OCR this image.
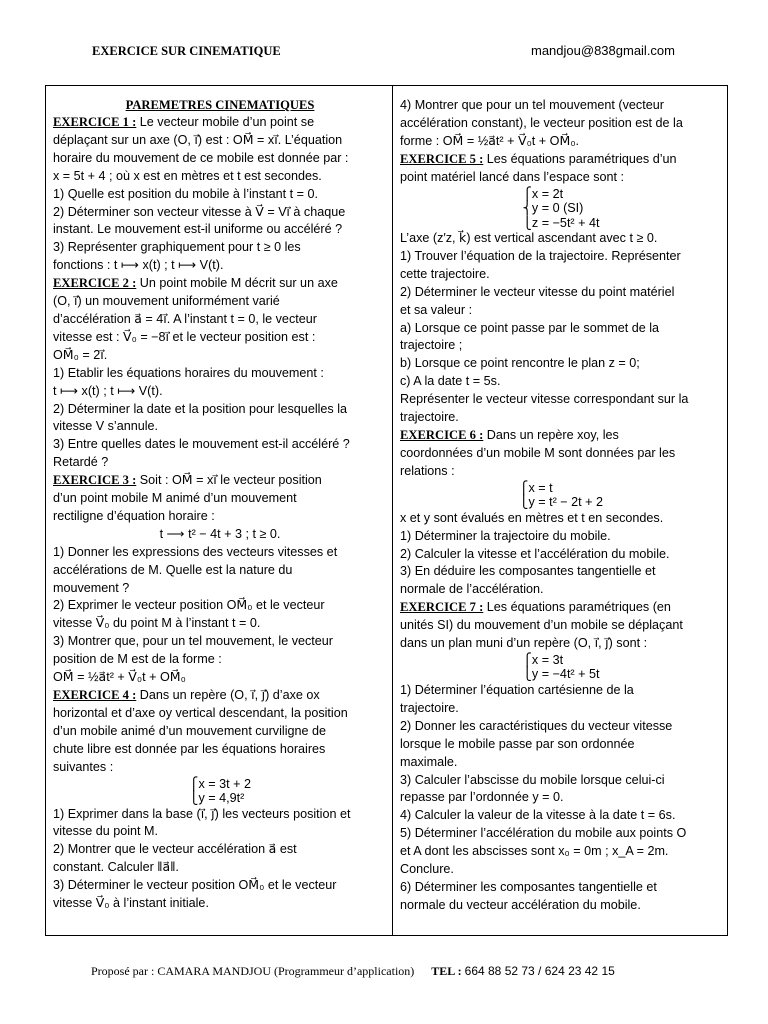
EXERCICE SUR CINEMATIQUE	mandjou@838gmail.com

PAREMETRES CINEMATIQUES

EXERCICE 1 : Le vecteur mobile d’un point se

déplaçant sur un axe (O, i⃗) est : OM⃗ = xi⃗. L’équation

horaire du mouvement de ce mobile est donnée par :

x = 5t + 4 ; où x est en mètres et t est secondes.

1) Quelle est position du mobile à l’instant t = 0.

2) Déterminer son vecteur vitesse à V⃗ = Vi⃗ à chaque

instant. Le mouvement est-il uniforme ou accéléré ?

3) Représenter graphiquement pour t ≥ 0 les

fonctions : t ⟼ x(t) ; t ⟼ V(t).

EXERCICE 2 : Un point mobile M décrit sur un axe

(O, i⃗) un mouvement uniformément varié

d’accélération a⃗ = 4i⃗. A l’instant t = 0, le vecteur

vitesse est : V⃗₀ = −8i⃗ et le vecteur position est :

OM⃗₀ = 2i⃗.

1) Etablir les équations horaires du mouvement :

t ⟼ x(t) ; t ⟼ V(t).

2) Déterminer la date et la position pour lesquelles la

vitesse V s’annule.

3) Entre quelles dates le mouvement est-il accéléré ?

Retardé ?

EXERCICE 3 : Soit : OM⃗ = xi⃗ le vecteur position

d’un point mobile M animé d’un mouvement

rectiligne d’équation horaire :

t ⟶ t² − 4t + 3 ; t ≥ 0.

1) Donner les expressions des vecteurs vitesses et

accélérations de M. Quelle est la nature du

mouvement ?

2) Exprimer le vecteur position OM⃗₀ et le vecteur

vitesse V⃗₀ du point M à l’instant t = 0.

3) Montrer que, pour un tel mouvement, le vecteur

position de M est de la forme :

OM⃗ = ½a⃗t² + V⃗₀t + OM⃗₀

EXERCICE 4 : Dans un repère (O, i⃗, j⃗) d’axe ox

horizontal et d’axe oy vertical descendant, la position

d’un mobile animé d’un mouvement curviligne de

chute libre est donnée par les équations horaires

suivantes :

⎧x = 3t + 2
⎩y = 4,9t²

1) Exprimer dans la base (i⃗, j⃗) les vecteurs position et

vitesse du point M.

2) Montrer que le vecteur accélération a⃗ est

constant. Calculer ‖a⃗‖.

3) Déterminer le vecteur position OM⃗₀ et le vecteur

vitesse V⃗₀ à l’instant initiale.

4) Montrer que pour un tel mouvement (vecteur

accélération constant), le vecteur position est de la

forme : OM⃗ = ½a⃗t² + V⃗₀t + OM⃗₀.

EXERCICE 5 : Les équations paramétriques d’un

point matériel lancé dans l’espace sont :

⎧x = 2t
⎨y = 0 (SI)
⎩z = −5t² + 4t

L’axe (z′z, k⃗) est vertical ascendant avec t ≥ 0.

1) Trouver l’équation de la trajectoire. Représenter

cette trajectoire.

2) Déterminer le vecteur vitesse du point matériel

et sa valeur :

a) Lorsque ce point passe par le sommet de la

trajectoire ;

b) Lorsque ce point rencontre le plan z = 0;

c) A la date t = 5s.

Représenter le vecteur vitesse correspondant sur la

trajectoire.

EXERCICE 6 : Dans un repère xoy, les

coordonnées d’un mobile M sont données par les

relations :

⎧x = t
⎩y = t² − 2t + 2

x et y sont évalués en mètres et t en secondes.

1) Déterminer la trajectoire du mobile.

2) Calculer la vitesse et l’accélération du mobile.

3) En déduire les composantes tangentielle et

normale de l’accélération.

EXERCICE 7 : Les équations paramétriques (en

unités SI) du mouvement d’un mobile se déplaçant

dans un plan muni d’un repère (O, i⃗, j⃗) sont :

⎧x = 3t
⎩y = −4t² + 5t

1) Déterminer l’équation cartésienne de la

trajectoire.

2) Donner les caractéristiques du vecteur vitesse

lorsque le mobile passe par son ordonnée

maximale.

3) Calculer l’abscisse du mobile lorsque celui-ci

repasse par l’ordonnée y = 0.

4) Calculer la valeur de la vitesse à la date t = 6s.

5) Déterminer l’accélération du mobile aux points O

et A dont les abscisses sont x₀ = 0m ; x_A = 2m.

Conclure.

6) Déterminer les composantes tangentielle et

normale du vecteur accélération du mobile.

Proposé par : CAMARA MANDJOU (Programmeur d’application) TEL : 664 88 52 73 / 624 23 42 15
